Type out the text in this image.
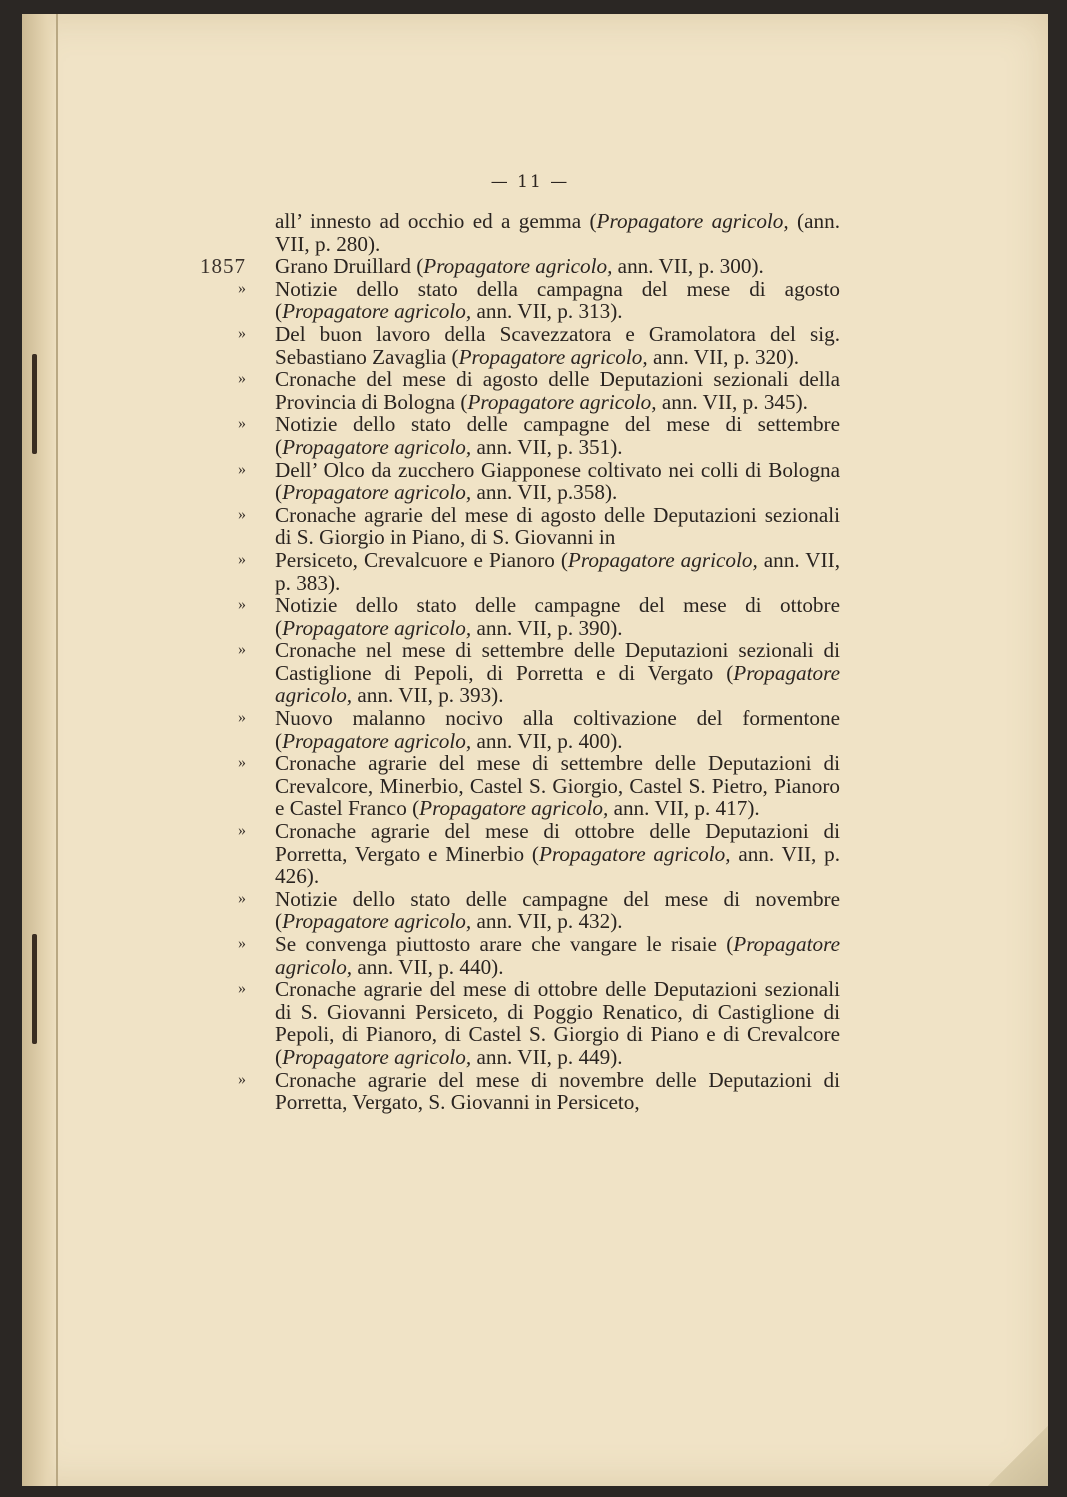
— 11 —
all’ innesto ad occhio ed a gemma (Propagatore agricolo, (ann. VII, p. 280).
1857	Grano Druillard (Propagatore agricolo, ann. VII, p. 300).
»	Notizie dello stato della campagna del mese di agosto (Propagatore agricolo, ann. VII, p. 313).
»	Del buon lavoro della Scavezzatora e Gramolatora del sig. Sebastiano Zavaglia (Propagatore agricolo, ann. VII, p. 320).
»	Cronache del mese di agosto delle Deputazioni sezionali della Provincia di Bologna (Propagatore agricolo, ann. VII, p. 345).
»	Notizie dello stato delle campagne del mese di settembre (Propagatore agricolo, ann. VII, p. 351).
»	Dell’ Olco da zucchero Giapponese coltivato nei colli di Bologna (Propagatore agricolo, ann. VII, p.358).
»	Cronache agrarie del mese di agosto delle Deputazioni sezionali di S. Giorgio in Piano, di S. Giovanni in
»	Persiceto, Crevalcuore e Pianoro (Propagatore agricolo, ann. VII, p. 383).
»	Notizie dello stato delle campagne del mese di ottobre (Propagatore agricolo, ann. VII, p. 390).
»	Cronache nel mese di settembre delle Deputazioni sezionali di Castiglione di Pepoli, di Porretta e di Vergato (Propagatore agricolo, ann. VII, p. 393).
»	Nuovo malanno nocivo alla coltivazione del formentone (Propagatore agricolo, ann. VII, p. 400).
»	Cronache agrarie del mese di settembre delle Deputazioni di Crevalcore, Minerbio, Castel S. Giorgio, Castel S. Pietro, Pianoro e Castel Franco (Propagatore agricolo, ann. VII, p. 417).
»	Cronache agrarie del mese di ottobre delle Deputazioni di Porretta, Vergato e Minerbio (Propagatore agricolo, ann. VII, p. 426).
»	Notizie dello stato delle campagne del mese di novembre (Propagatore agricolo, ann. VII, p. 432).
»	Se convenga piuttosto arare che vangare le risaie (Propagatore agricolo, ann. VII, p. 440).
»	Cronache agrarie del mese di ottobre delle Deputazioni sezionali di S. Giovanni Persiceto, di Poggio Renatico, di Castiglione di Pepoli, di Pianoro, di Castel S. Giorgio di Piano e di Crevalcore (Propagatore agricolo, ann. VII, p. 449).
»	Cronache agrarie del mese di novembre delle Deputazioni di Porretta, Vergato, S. Giovanni in Persiceto,
